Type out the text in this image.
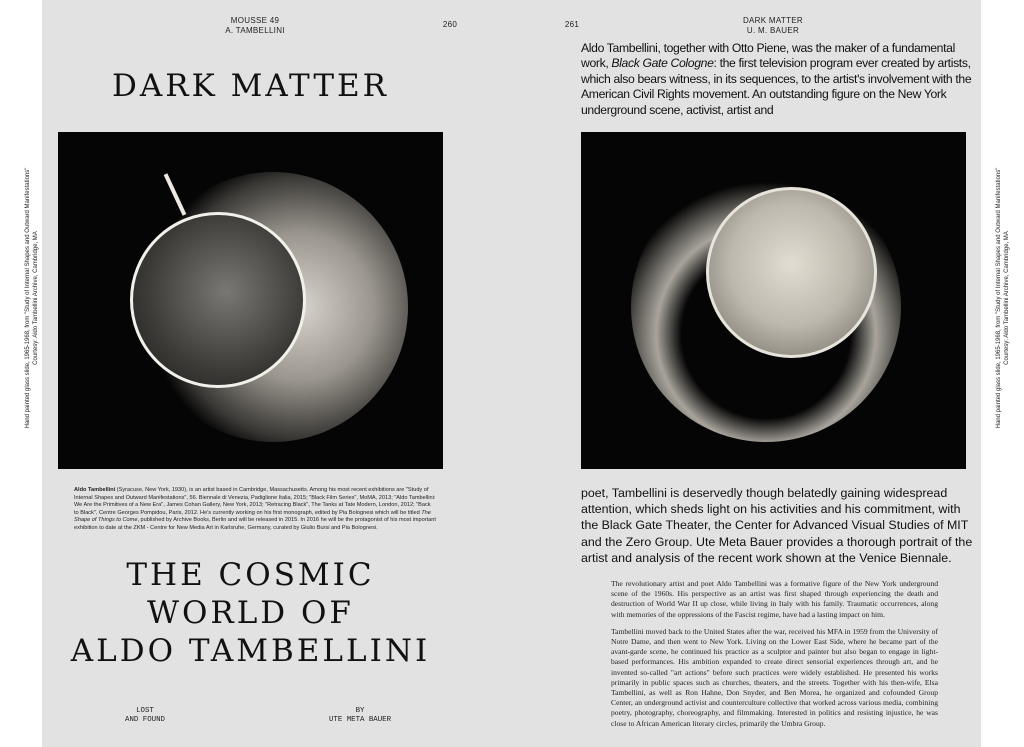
MOUSSE 49
A. TAMBELLINI
260	261	DARK MATTER
U. M. BAUER
DARK MATTER
Hand painted glass slide, 1965-1968, from "Study of Internal Shapes and Outward Manifestations" Courtesy: Aldo Tambellini Archive, Cambridge, MA
Aldo Tambellini (Syracuse, New York, 1930), is an artist based in Cambridge, Massachusetts. Among his most recent exhibitions are "Study of Internal Shapes and Outward Manifestations", 56. Biennale di Venezia, Padiglione Italia, 2015; "Black Film Series", MoMA, 2013; "Aldo Tambellini: We Are the Primitives of a New Era", James Cohan Gallery, New York, 2013; "Retracing Black", The Tanks at Tate Modern, London, 2012; "Back to Black", Centre Georges Pompidou, Paris, 2012. He's currently working on his first monograph, edited by Pia Bolognesi which will be titled The Shape of Things to Come, published by Archive Books, Berlin and will be released in 2015. In 2016 he will be the protagonist of his most important exhibition to date at the ZKM - Centre for New Media Art in Karlsruhe, Germany, curated by Giulio Bursi and Pia Bolognesi.
THE COSMIC
WORLD OF
ALDO TAMBELLINI
LOST
AND FOUND
BY
UTE META BAUER
Aldo Tambellini, together with Otto Piene, was the maker of a fundamental work, Black Gate Cologne: the first television program ever created by artists, which also bears witness, in its sequences, to the artist's involvement with the American Civil Rights movement. An outstanding figure on the New York underground scene, activist, artist and
Hand painted glass slide, 1965-1968, from "Study of Internal Shapes and Outward Manifestations" Courtesy: Aldo Tambellini Archive, Cambridge, MA
poet, Tambellini is deservedly though belatedly gaining widespread attention, which sheds light on his activities and his commitment, with the Black Gate Theater, the Center for Advanced Visual Studies of MIT and the Zero Group. Ute Meta Bauer provides a thorough portrait of the artist and analysis of the recent work shown at the Venice Biennale.

The revolutionary artist and poet Aldo Tambellini was a formative figure of the New York underground scene of the 1960s. His perspective as an artist was first shaped through experiencing the death and destruction of World War II up close, while living in Italy with his family. Traumatic occurrences, along with memories of the oppressions of the Fascist regime, have had a lasting impact on him.

Tambellini moved back to the United States after the war, received his MFA in 1959 from the University of Notre Dame, and then went to New York. Living on the Lower East Side, where he became part of the avant-garde scene, he continued his practice as a sculptor and painter but also began to engage in light-based performances. His ambition expanded to create direct sensorial experiences through art, and he invented so-called "art actions" before such practices were widely established. He presented his works primarily in public spaces such as churches, theaters, and the streets. Together with his then-wife, Elsa Tambellini, as well as Ron Hahne, Don Snyder, and Ben Morea, he organized and cofounded Group Center, an underground activist and counterculture collective that worked across various media, combining poetry, photography, choreography, and filmmaking. Interested in politics and resisting injustice, he was close to African American literary circles, primarily the Umbra Group.
